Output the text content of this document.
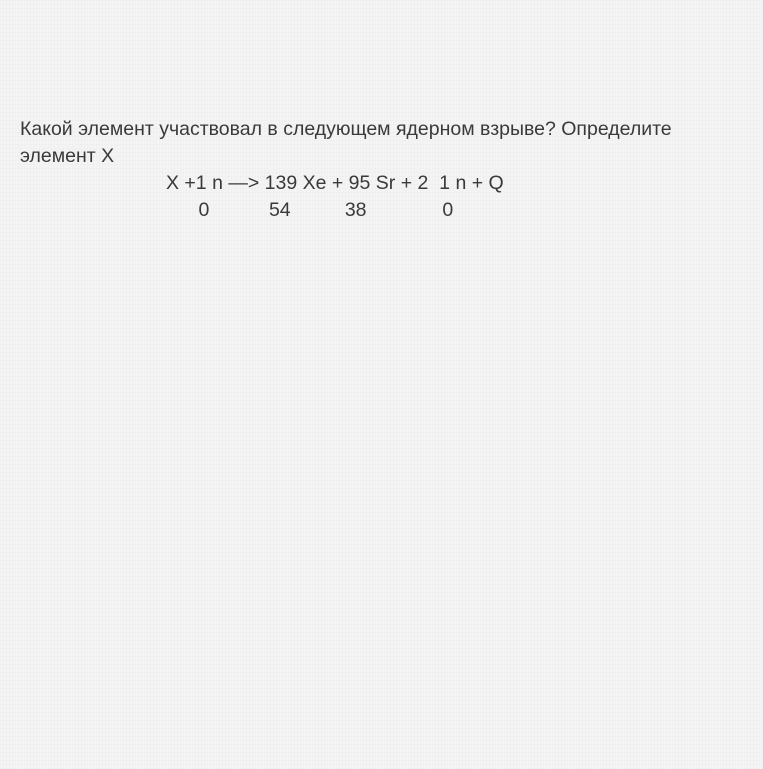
Какой элемент участвовал в следующем ядерном взрыве? Определите элемент X

X +1 n —> 139 Xe + 95 Sr + 2  1 n + Q
0           54          38              0
